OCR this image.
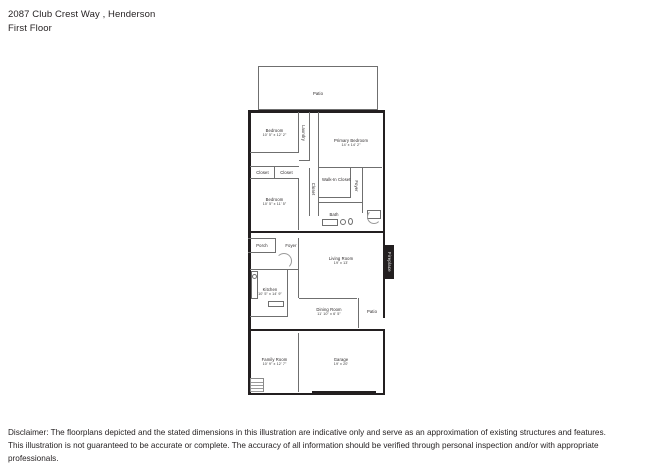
2087 Club Crest Way , Henderson
First Floor
Patio
Bedroom
10' 5" x 12' 2"	Laundry	Primary Bedroom
14' x 14' 2"
Closet	Closet
Bedroom
10' 5" x 11' 5"
Closet
Walk-In Closet
Foyer
Bath
Porch	Foyer
Living Room
19' x 13'	Fireplace
Kitchen
10' 5" x 14' 9"
Dining Room
11' 10" x 6' 5"
Patio
Family Room
10' 9" x 12' 7"
Garage
19' x 20'
Disclaimer: The floorplans depicted and the stated dimensions in this illustration are indicative only and serve as an approximation of existing structures and features.
This illustration is not guaranteed to be accurate or complete. The accuracy of all information should be verified through personal inspection and/or with appropriate professionals.
